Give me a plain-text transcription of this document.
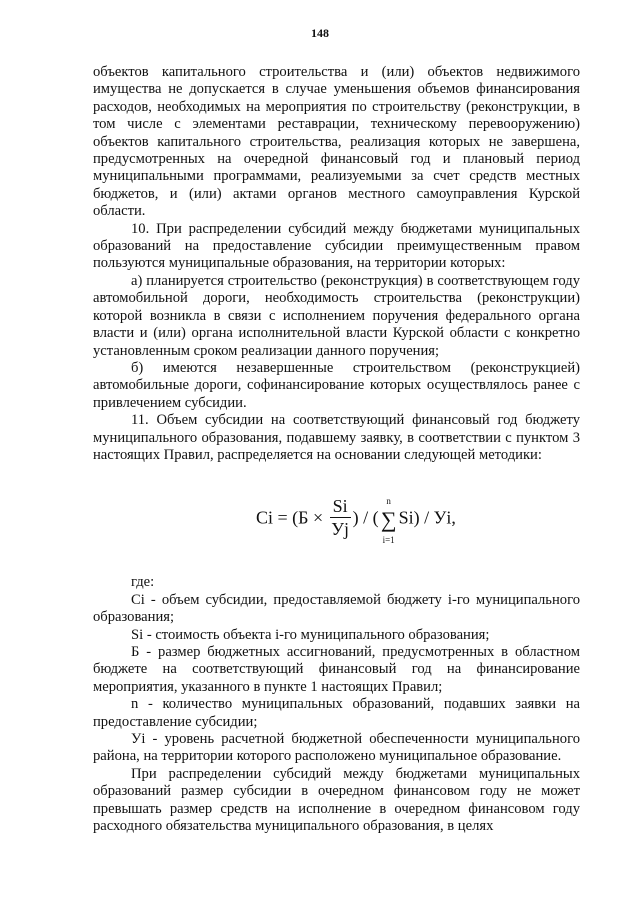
148

объектов капитального строительства и (или) объектов недвижимого имущества не допускается в случае уменьшения объемов финансирования расходов, необходимых на мероприятия по строительству (реконструкции, в том числе с элементами реставрации, техническому перевооружению) объектов капитального строительства, реализация которых не завершена, предусмотренных на очередной финансовый год и плановый период муниципальными программами, реализуемыми за счет средств местных бюджетов, и (или) актами органов местного самоуправления Курской области.

10. При распределении субсидий между бюджетами муниципальных образований на предоставление субсидии преимущественным правом пользуются муниципальные образования, на территории которых:

а) планируется строительство (реконструкция) в соответствующем году автомобильной дороги, необходимость строительства (реконструкции) которой возникла в связи с исполнением поручения федерального органа власти и (или) органа исполнительной власти Курской области с конкретно установленным сроком реализации данного поручения;

б) имеются незавершенные строительством (реконструкцией) автомобильные дороги, софинансирование которых осуществлялось ранее с привлечением субсидии.

11. Объем субсидии на соответствующий финансовый год бюджету муниципального образования, подавшему заявку, в соответствии с пунктом 3 настоящих Правил, распределяется на основании следующей методики:

$Ci = (Б \times \frac{Si}{Уj}$ ) / (
n
∑
i=1
Si) / Уi,

где:

Ci - объем субсидии, предоставляемой бюджету i-го муниципального образования;

Si - стоимость объекта i-го муниципального образования;

Б - размер бюджетных ассигнований, предусмотренных в областном бюджете на соответствующий финансовый год на финансирование мероприятия, указанного в пункте 1 настоящих Правил;

n - количество муниципальных образований, подавших заявки на предоставление субсидии;

Уi - уровень расчетной бюджетной обеспеченности муниципального района, на территории которого расположено муниципальное образование.

При распределении субсидий между бюджетами муниципальных образований размер субсидии в очередном финансовом году не может превышать размер средств на исполнение в очередном финансовом году расходного обязательства муниципального образования, в целях
